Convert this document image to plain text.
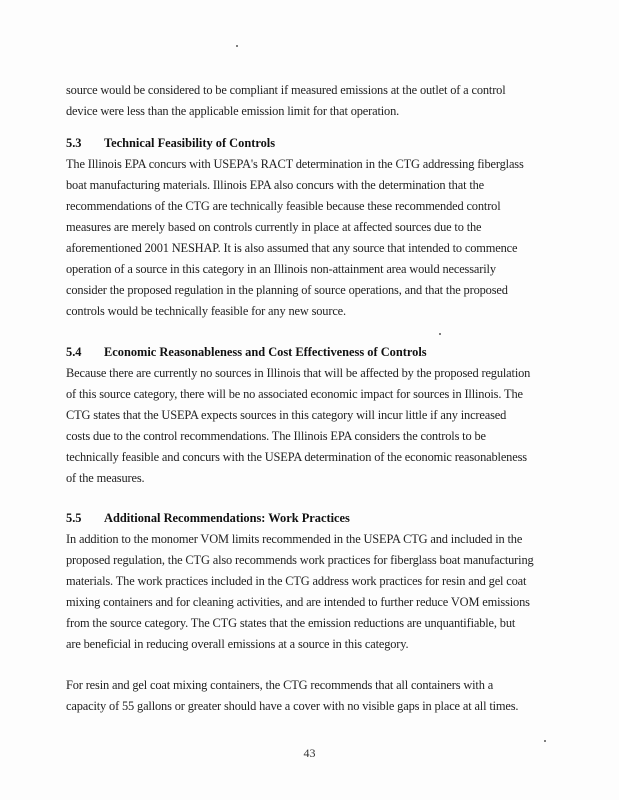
source would be considered to be compliant if measured emissions at the outlet of a control

device were less than the applicable emission limit for that operation.

5.3 Technical Feasibility of Controls

The Illinois EPA concurs with USEPA's RACT determination in the CTG addressing fiberglass

boat manufacturing materials. Illinois EPA also concurs with the determination that the

recommendations of the CTG are technically feasible because these recommended control

measures are merely based on controls currently in place at affected sources due to the

aforementioned 2001 NESHAP. It is also assumed that any source that intended to commence

operation of a source in this category in an Illinois non-attainment area would necessarily

consider the proposed regulation in the planning of source operations, and that the proposed

controls would be technically feasible for any new source.

5.4 Economic Reasonableness and Cost Effectiveness of Controls

Because there are currently no sources in Illinois that will be affected by the proposed regulation

of this source category, there will be no associated economic impact for sources in Illinois. The

CTG states that the USEPA expects sources in this category will incur little if any increased

costs due to the control recommendations. The Illinois EPA considers the controls to be

technically feasible and concurs with the USEPA determination of the economic reasonableness

of the measures.

5.5 Additional Recommendations: Work Practices

In addition to the monomer VOM limits recommended in the USEPA CTG and included in the

proposed regulation, the CTG also recommends work practices for fiberglass boat manufacturing

materials. The work practices included in the CTG address work practices for resin and gel coat

mixing containers and for cleaning activities, and are intended to further reduce VOM emissions

from the source category. The CTG states that the emission reductions are unquantifiable, but

are beneficial in reducing overall emissions at a source in this category.

For resin and gel coat mixing containers, the CTG recommends that all containers with a

capacity of 55 gallons or greater should have a cover with no visible gaps in place at all times.

43
